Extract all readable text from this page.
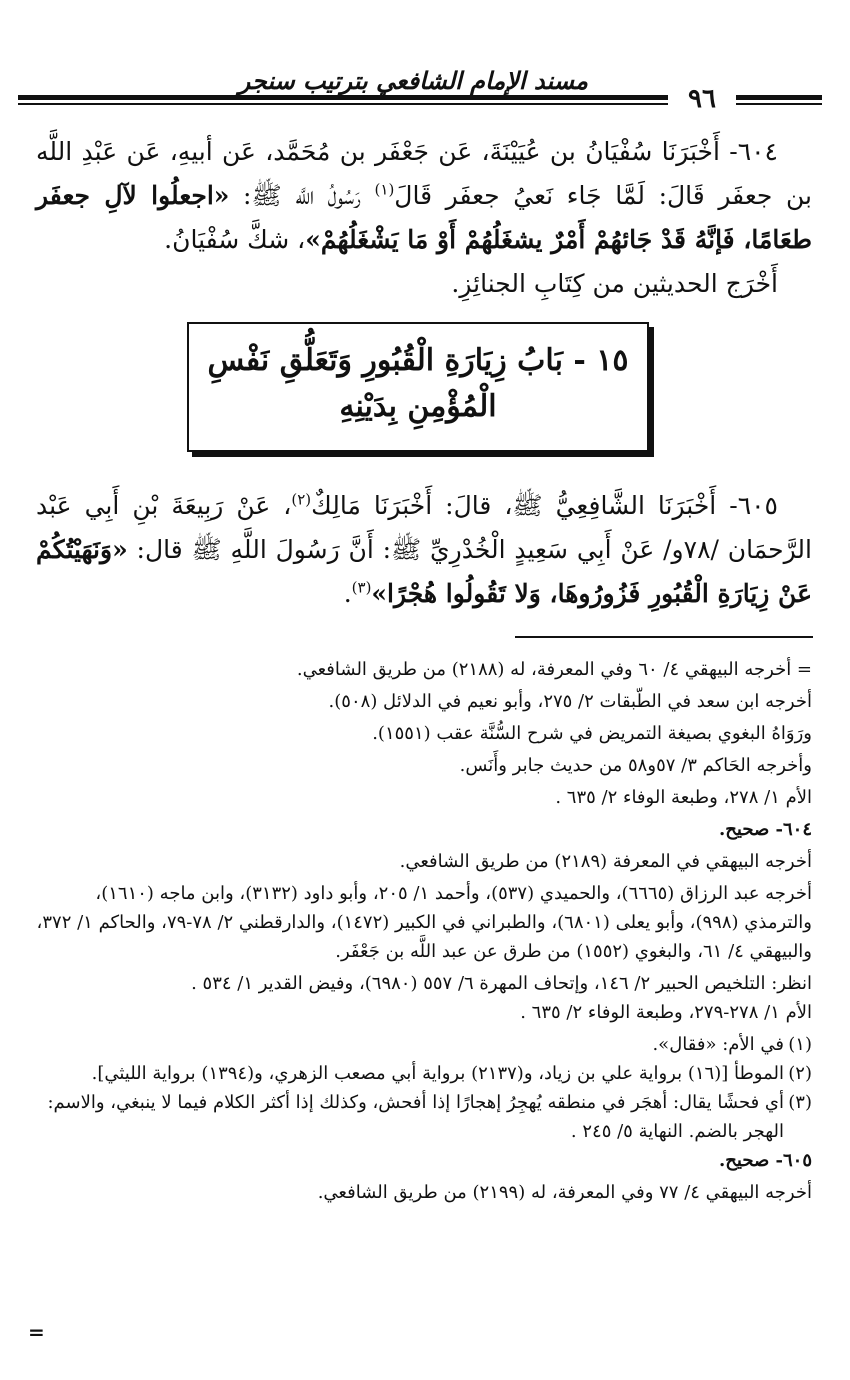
مسند الإمام الشافعي بترتيب سنجر
٩٦

٦٠٤- أَخْبَرَنَا سُفْيَانُ بن عُيَيْنَةَ، عَن جَعْفَر بن مُحَمَّد، عَن أبيهِ، عَن عَبْدِ اللَّه بن جعفَر قَالَ: لَمَّا جَاء نَعيُ جعفَر قَالَ$^{(١)}$ رَسُولُ اللَّه ﷺ: «اجعلُوا لآلِ جعفَر طعَامًا، فَإنَّهُ قَدْ جَائهُمْ أَمْرٌ يشغَلُهُمْ أَوْ مَا يَشْغَلُهُمْ»، شكَّ سُفْيَانُ.

أَخْرَج الحديثين من كِتَابِ الجنائِزِ.

١٥ - بَابُ زِيَارَةِ الْقُبُورِ وَتَعَلُّقِ نَفْسِ الْمُؤْمِنِ بِدَيْنِهِ

٦٠٥- أَخْبَرَنَا الشَّافِعِيُّ ﷺ، قالَ: أَخْبَرَنَا مَالِكٌ$^{(٢)}$، عَنْ رَبِيعَةَ بْنِ أَبِي عَبْد الرَّحمَان /٧٨و/ عَنْ أَبِي سَعِيدٍ الْخُدْرِيِّ ﷺ: أَنَّ رَسُولَ اللَّهِ ﷺ قال: «وَنَهَيْتُكُمْ عَنْ زِيَارَةِ الْقُبُورِ فَزُورُوهَا، وَلا تَقُولُوا هُجْرًا»$^{(٣)}$.

= أخرجه البيهقي ٤/ ٦٠ وفي المعرفة، له (٢١٨٨) من طريق الشافعي.
أخرجه ابن سعد في الطّبقات ٢/ ٢٧٥، وأبو نعيم في الدلائل (٥٠٨).
ورَوَاهُ البغوي بصيغة التمريض في شرح السُّنَّة عقب (١٥٥١).
وأخرجه الحَاكم ٣/ ٥٧و٥٨ من حديث جابر وأَنَس.
الأم ١/ ٢٧٨، وطبعة الوفاء ٢/ ٦٣٥ .
٦٠٤- صحيح.
أخرجه البيهقي في المعرفة (٢١٨٩) من طريق الشافعي.
أخرجه عبد الرزاق (٦٦٦٥)، والحميدي (٥٣٧)، وأحمد ١/ ٢٠٥، وأبو داود (٣١٣٢)، وابن ماجه (١٦١٠)، والترمذي (٩٩٨)، وأبو يعلى (٦٨٠١)، والطبراني في الكبير (١٤٧٢)، والدارقطني ٢/ ٧٨-٧٩، والحاكم ١/ ٣٧٢، والبيهقي ٤/ ٦١، والبغوي (١٥٥٢) من طرق عن عبد اللَّه بن جَعْفَر.
انظر: التلخيص الحبير ٢/ ١٤٦، وإتحاف المهرة ٦/ ٥٥٧ (٦٩٨٠)، وفيض القدير ١/ ٥٣٤ .
الأم ١/ ٢٧٨-٢٧٩، وطبعة الوفاء ٢/ ٦٣٥ .
(١)في الأم: «فقال».
(٢)الموطأ [(١٦) برواية علي بن زياد، و(٢١٣٧) برواية أبي مصعب الزهري، و(١٣٩٤) برواية الليثي].
(٣)أي فحشًا يقال: أهجَر في منطقه يُهجِرُ إهجارًا إذا أفحش، وكذلك إذا أكثر الكلام فيما لا ينبغي، والاسم: الهجر بالضم. النهاية ٥/ ٢٤٥ .
٦٠٥- صحيح.
أخرجه البيهقي ٤/ ٧٧ وفي المعرفة، له (٢١٩٩) من طريق الشافعي.
=
